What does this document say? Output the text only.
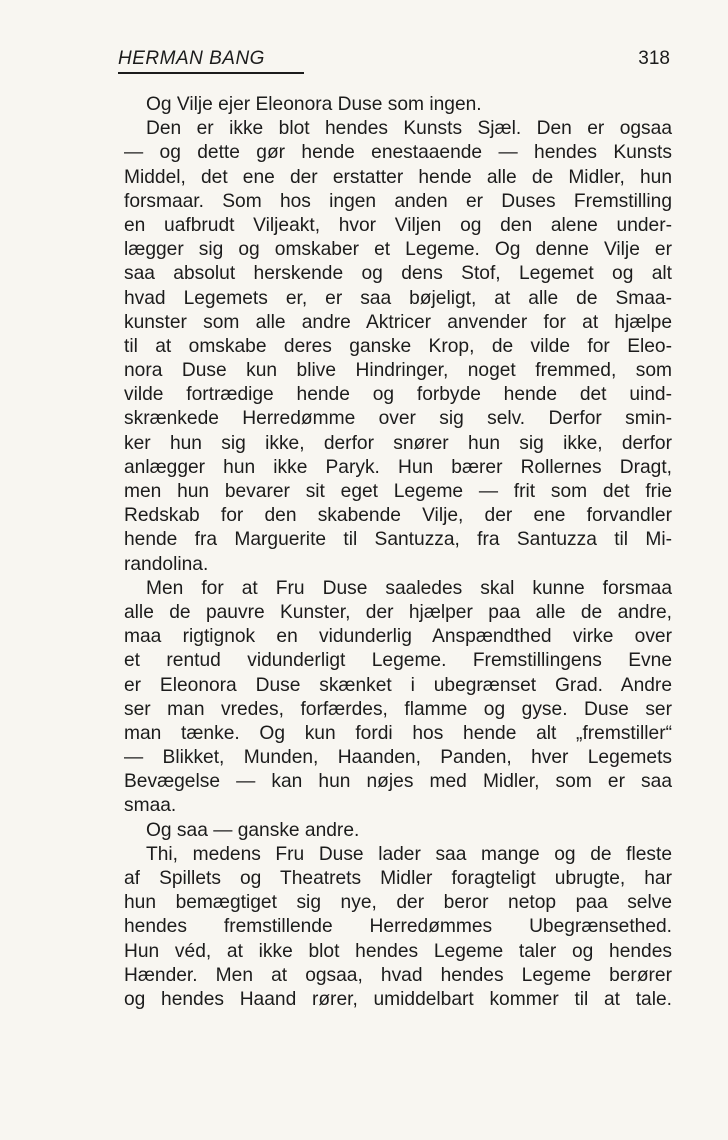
HERMAN BANG	318
Og Vilje ejer Eleonora Duse som ingen.
Den er ikke blot hendes Kunsts Sjæl. Den er ogsaa
— og dette gør hende enestaaende — hendes Kunsts
Middel, det ene der erstatter hende alle de Midler, hun
forsmaar. Som hos ingen anden er Duses Fremstilling
en uafbrudt Viljeakt, hvor Viljen og den alene under-
lægger sig og omskaber et Legeme. Og denne Vilje er
saa absolut herskende og dens Stof, Legemet og alt
hvad Legemets er, er saa bøjeligt, at alle de Smaa-
kunster som alle andre Aktricer anvender for at hjælpe
til at omskabe deres ganske Krop, de vilde for Eleo-
nora Duse kun blive Hindringer, noget fremmed, som
vilde fortrædige hende og forbyde hende det uind-
skrænkede Herredømme over sig selv. Derfor smin-
ker hun sig ikke, derfor snører hun sig ikke, derfor
anlægger hun ikke Paryk. Hun bærer Rollernes Dragt,
men hun bevarer sit eget Legeme — frit som det frie
Redskab for den skabende Vilje, der ene forvandler
hende fra Marguerite til Santuzza, fra Santuzza til Mi-
randolina.
Men for at Fru Duse saaledes skal kunne forsmaa
alle de pauvre Kunster, der hjælper paa alle de andre,
maa rigtignok en vidunderlig Anspændthed virke over
et rentud vidunderligt Legeme. Fremstillingens Evne
er Eleonora Duse skænket i ubegrænset Grad. Andre
ser man vredes, forfærdes, flamme og gyse. Duse ser
man tænke. Og kun fordi hos hende alt „fremstiller“
— Blikket, Munden, Haanden, Panden, hver Legemets
Bevægelse — kan hun nøjes med Midler, som er saa
smaa.
Og saa — ganske andre.
Thi, medens Fru Duse lader saa mange og de fleste
af Spillets og Theatrets Midler foragteligt ubrugte, har
hun bemægtiget sig nye, der beror netop paa selve
hendes fremstillende Herredømmes Ubegrænsethed.
Hun véd, at ikke blot hendes Legeme taler og hendes
Hænder. Men at ogsaa, hvad hendes Legeme berører
og hendes Haand rører, umiddelbart kommer til at tale.
